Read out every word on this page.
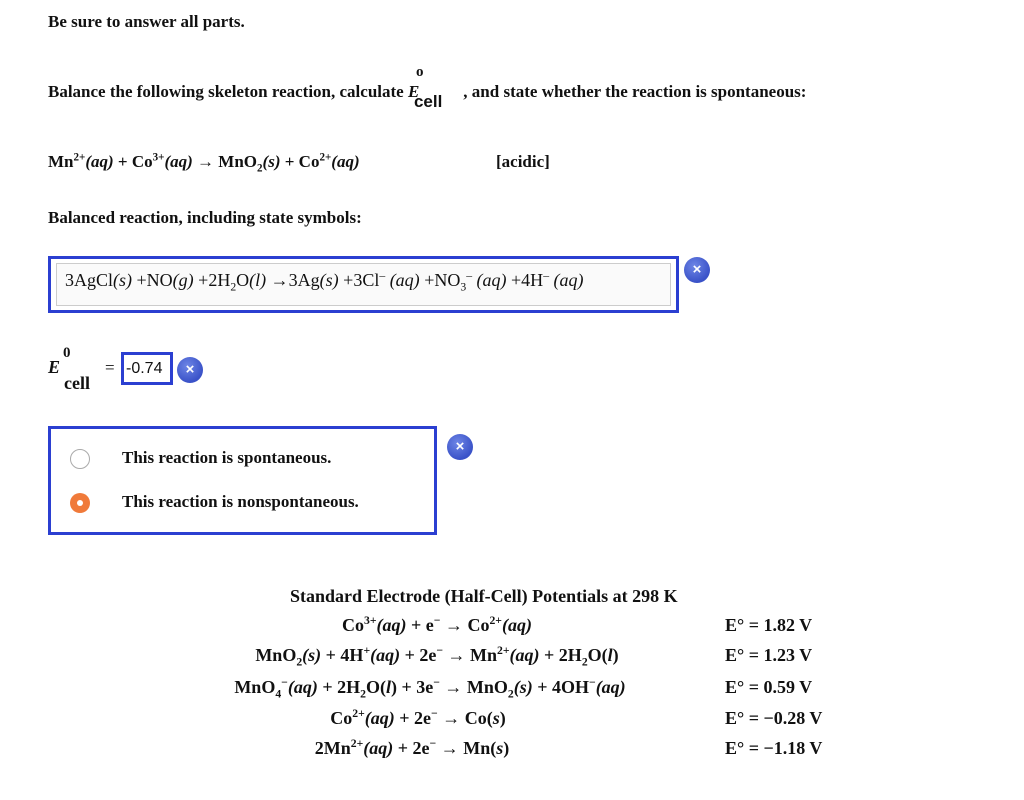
Be sure to answer all parts.
Balance the following skeleton reaction, calculate E
o
cell
, and state whether the reaction is spontaneous:
$Mn^{2+}(aq) + Co^{3+}(aq) \to MnO_2(s) + Co^{2+}(aq)$	[acidic]
Balanced reaction, including state symbols:
3AgCl(s) $+NO(g) +2H_2O(l) \to 3Ag(s) +3Cl^-$ $(aq) +NO_3^-$ (aq) +4H– (aq)
×
E
0
cell
= -0.74	×
This reaction is spontaneous.
This reaction is nonspontaneous.
×
Standard Electrode (Half-Cell) Potentials at 298 K
$Co^{3+}(aq) + e^- \to Co^{2+}(aq)$	E° = 1.82 V
$MnO_2(s) + 4H^+(aq) + 2e^- \to Mn^{2+}(aq) + 2H_2O(l)$	E° = 1.23 V
$MnO_4^-(aq) + 2H_2O(l) + 3e^- \to MnO_2(s) + 4OH^-(aq)$	E° = 0.59 V
$Co^{2+}(aq) + 2e^- \to Co(s)$	E° = −0.28 V
$2Mn^{2+}(aq) + 2e^- \to Mn(s)$	E° = −1.18 V
